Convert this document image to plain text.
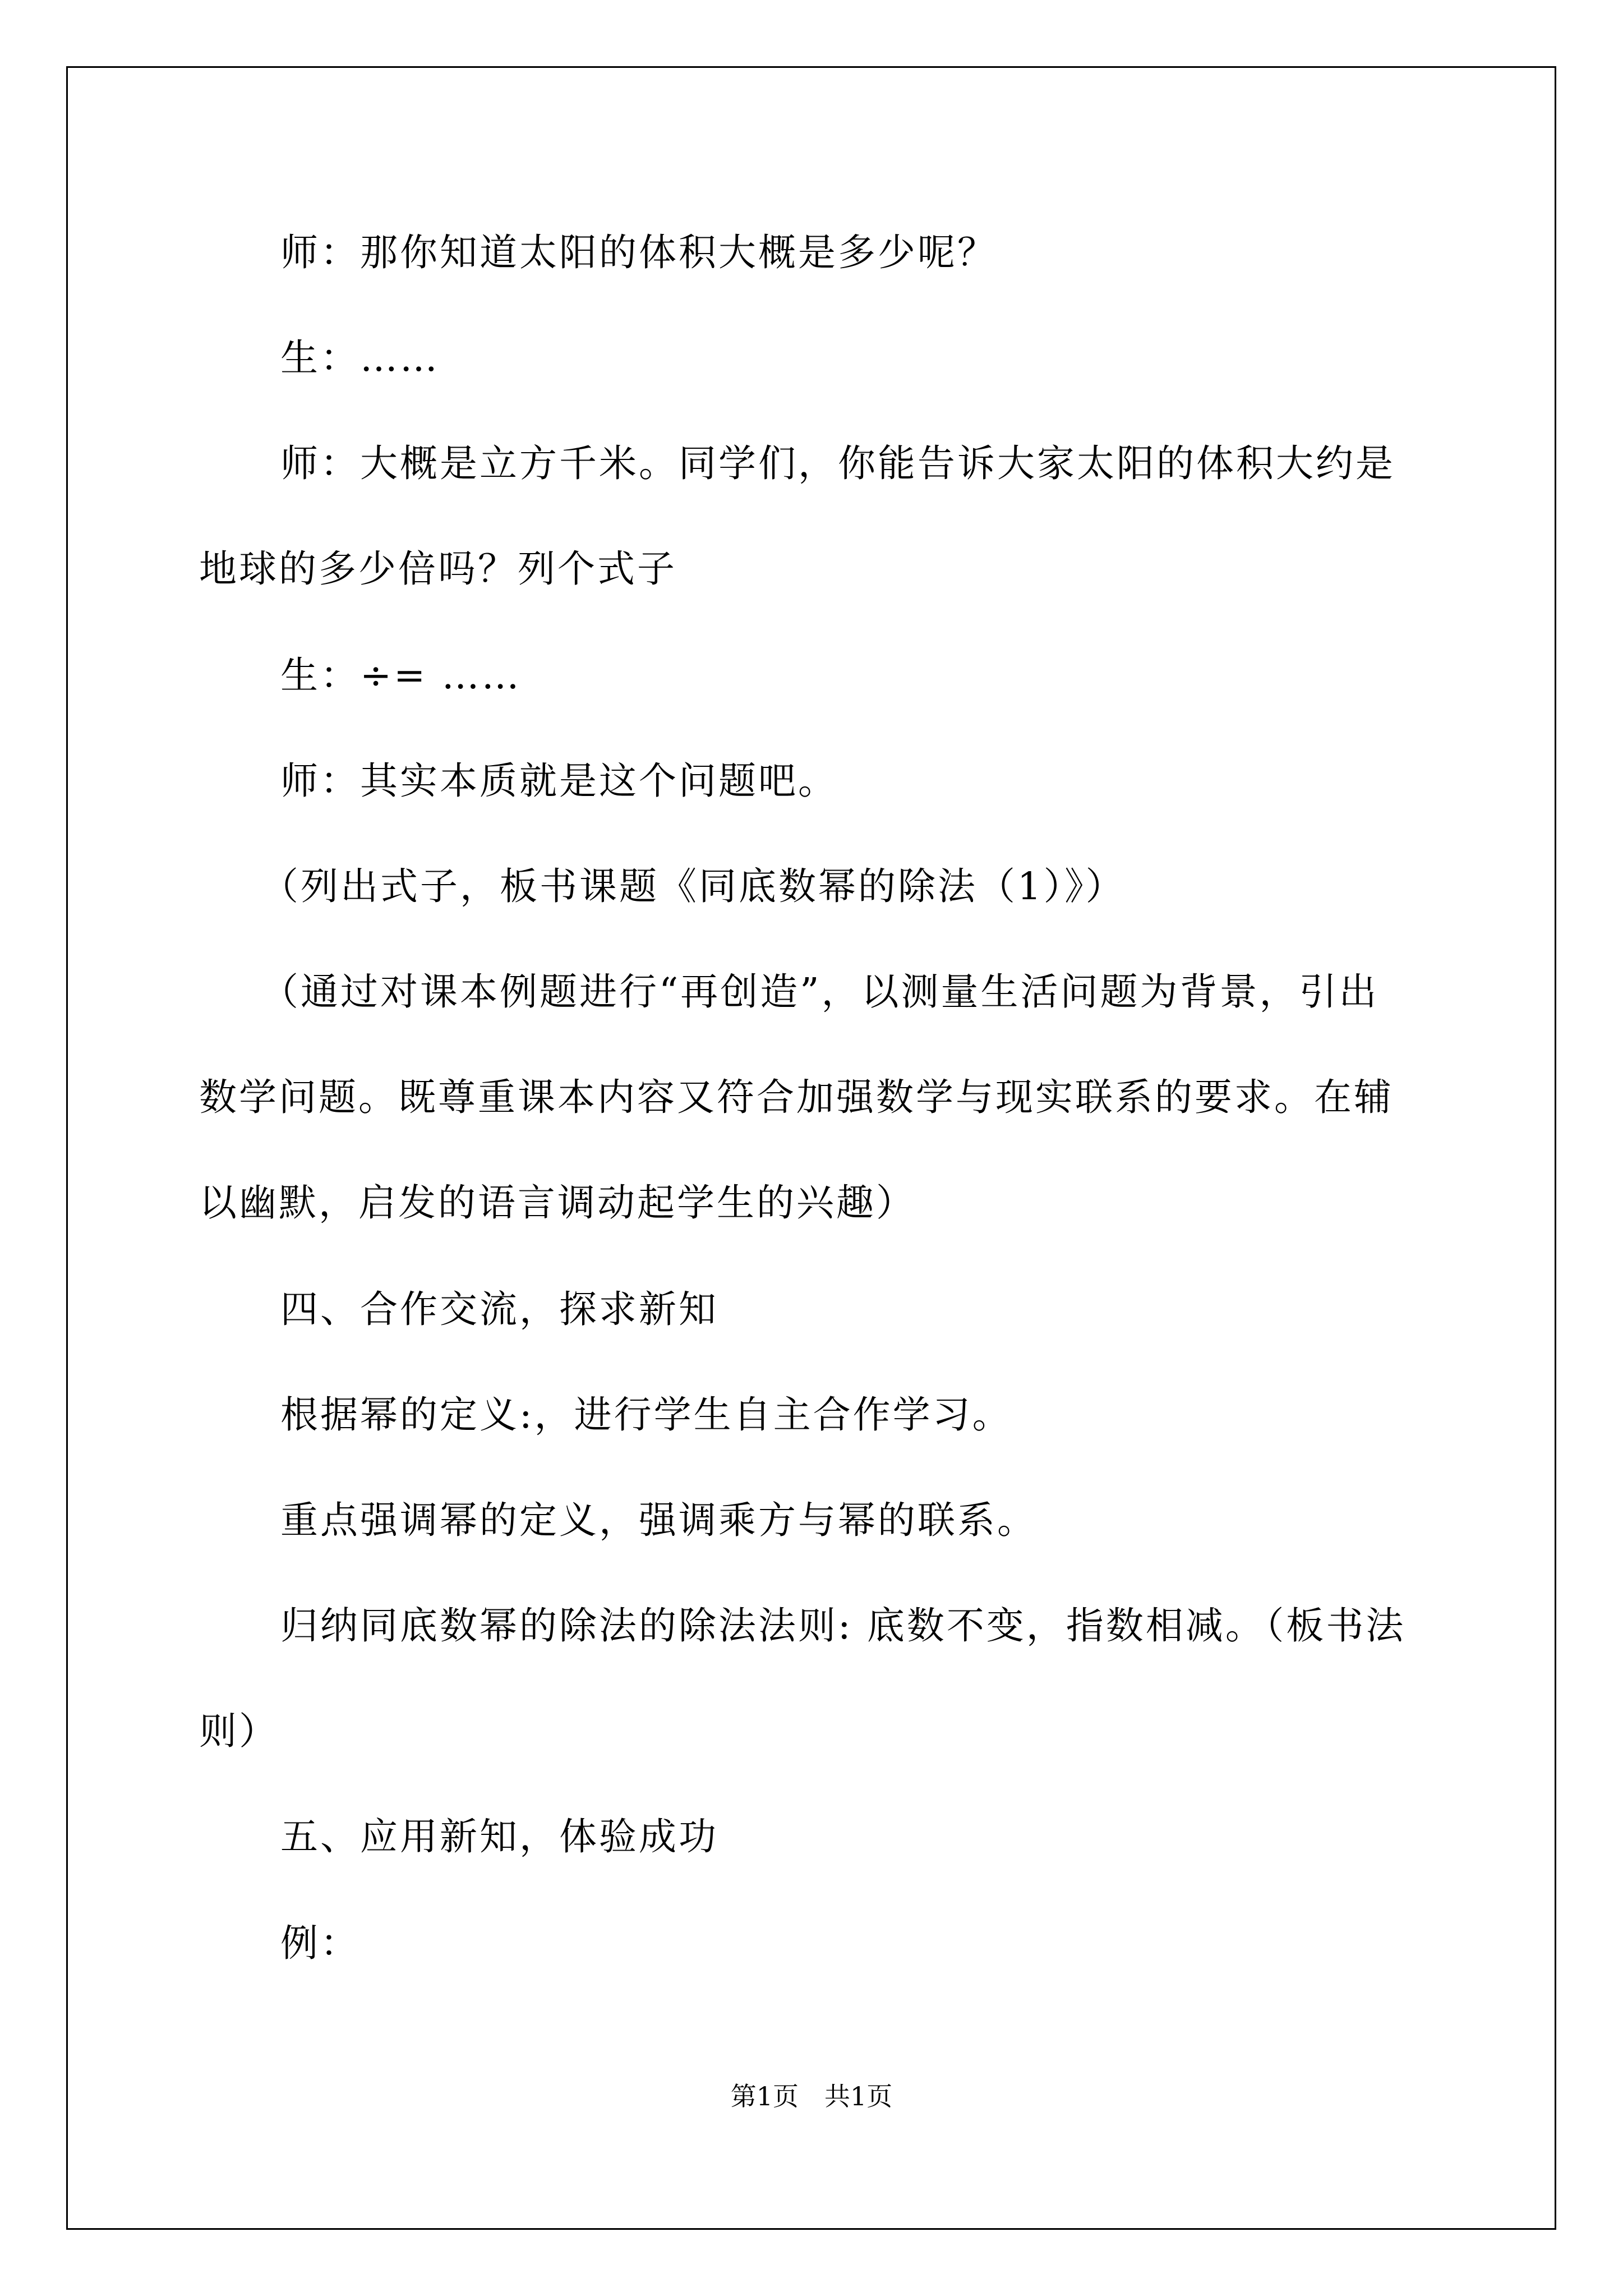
师：那你知道太阳的体积大概是多少呢？
生：……
师：大概是立方千米。同学们，你能告诉大家太阳的体积大约是
地球的多少倍吗？列个式子
生：÷= ……
师：其实本质就是这个问题吧。
（列出式子，板书课题《同底数幂的除法（1）》）
（通过对课本例题进行“再创造”，以测量生活问题为背景，引出
数学问题。既尊重课本内容又符合加强数学与现实联系的要求。在辅
以幽默，启发的语言调动起学生的兴趣）
四、合作交流，探求新知
根据幂的定义:，进行学生自主合作学习。
重点强调幂的定义，强调乘方与幂的联系。
归纳同底数幂的除法的除法法则: 底数不变，指数相减。（板书法
则）
五、应用新知，体验成功
例：
第1页　共1页
